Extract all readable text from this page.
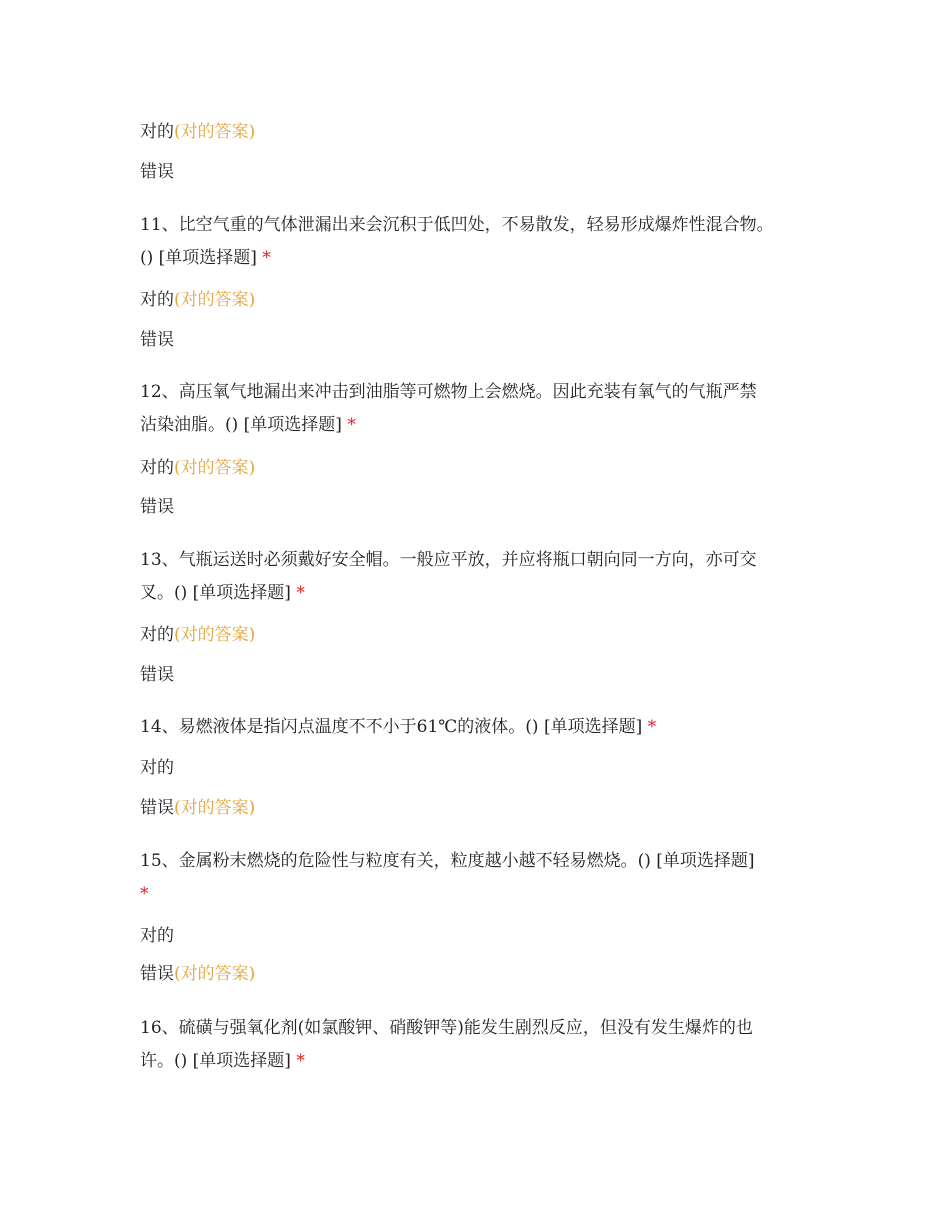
对的(对的答案)
错误
11、比空气重的气体泄漏出来会沉积于低凹处，不易散发，轻易形成爆炸性混合物。
() [单项选择题] *
对的(对的答案)
错误
12、高压氧气地漏出来冲击到油脂等可燃物上会燃烧。因此充装有氧气的气瓶严禁
沾染油脂。() [单项选择题] *
对的(对的答案)
错误
13、气瓶运送时必须戴好安全帽。一般应平放，并应将瓶口朝向同一方向，亦可交
叉。() [单项选择题] *
对的(对的答案)
错误
14、易燃液体是指闪点温度不不小于61℃的液体。() [单项选择题] *
对的
错误(对的答案)
15、金属粉末燃烧的危险性与粒度有关，粒度越小越不轻易燃烧。() [单项选择题]
*
对的
错误(对的答案)
16、硫磺与强氧化剂(如氯酸钾、硝酸钾等)能发生剧烈反应，但没有发生爆炸的也
许。() [单项选择题] *
